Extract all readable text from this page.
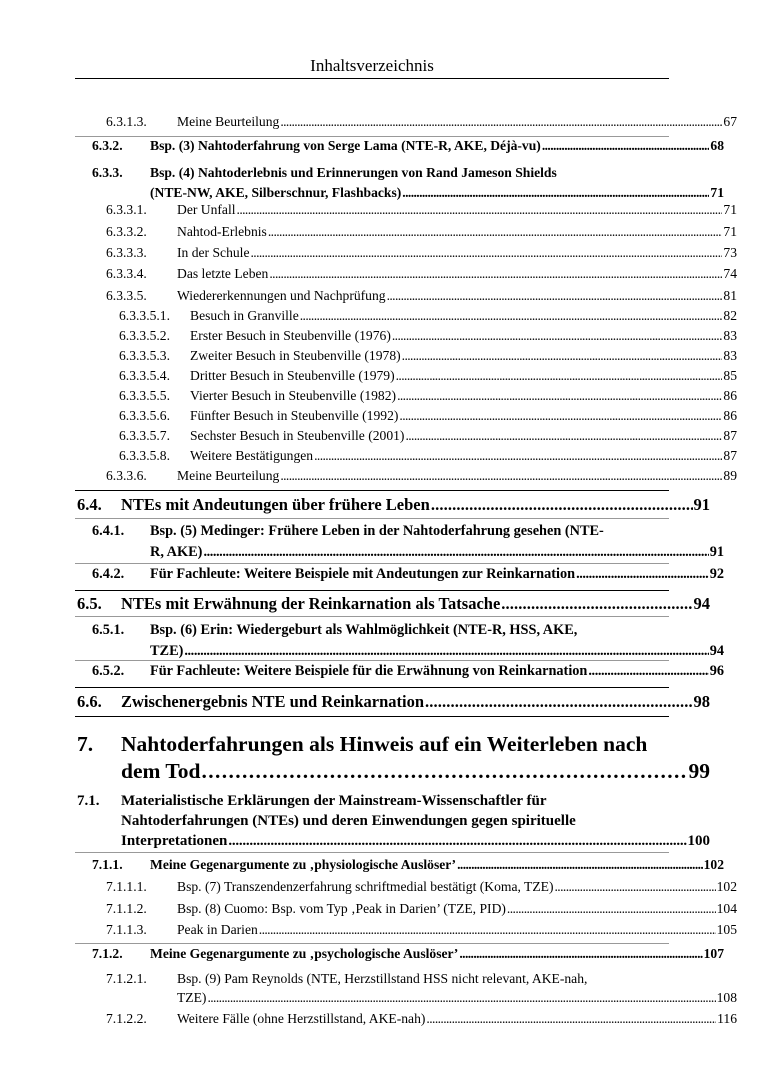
Inhaltsverzeichnis
6.3.1.3. Meine Beurteilung . . .	67
6.3.2. Bsp. (3) Nahtoderfahrung von Serge Lama (NTE-R, AKE, Déjà-vu) . . .	68
6.3.3. Bsp. (4) Nahtoderlebnis und Erinnerungen von Rand Jameson Shields
(NTE-NW, AKE, Silberschnur, Flashbacks) . . .	71
6.3.3.1. Der Unfall . . .	71
6.3.3.2. Nahtod-Erlebnis . . .	71
6.3.3.3. In der Schule . . .	73
6.3.3.4. Das letzte Leben . . .	74
6.3.3.5. Wiedererkennungen und Nachprüfung . . .	81
6.3.3.5.1. Besuch in Granville . . .	82
6.3.3.5.2. Erster Besuch in Steubenville (1976) . . .	83
6.3.3.5.3. Zweiter Besuch in Steubenville (1978) . . .	83
6.3.3.5.4. Dritter Besuch in Steubenville (1979) . . .	85
6.3.3.5.5. Vierter Besuch in Steubenville (1982) . . .	86
6.3.3.5.6. Fünfter Besuch in Steubenville (1992) . . .	86
6.3.3.5.7. Sechster Besuch in Steubenville (2001) . . .	87
6.3.3.5.8. Weitere Bestätigungen . . .	87
6.3.3.6. Meine Beurteilung . . .	89
6.4. NTEs mit Andeutungen über frühere Leben . . .	91
6.4.1. Bsp. (5) Medinger: Frühere Leben in der Nahtoderfahrung gesehen (NTE-
R, AKE) . . .	91
6.4.2. Für Fachleute: Weitere Beispiele mit Andeutungen zur Reinkarnation . . .	92
6.5. NTEs mit Erwähnung der Reinkarnation als Tatsache . . .	94
6.5.1. Bsp. (6) Erin: Wiedergeburt als Wahlmöglichkeit (NTE-R, HSS, AKE,
TZE) . . .	94
6.5.2. Für Fachleute: Weitere Beispiele für die Erwähnung von Reinkarnation . . .	96
6.6. Zwischenergebnis NTE und Reinkarnation . . .	98
7. Nahtoderfahrungen als Hinweis auf ein Weiterleben nach
dem Tod . . .	99
7.1. Materialistische Erklärungen der Mainstream-Wissenschaftler für
Nahtoderfahrungen (NTEs) und deren Einwendungen gegen spirituelle
Interpretationen . . .	100
7.1.1. Meine Gegenargumente zu ‚physiologische Auslöser’ . . .	102
7.1.1.1. Bsp. (7) Transzendenzerfahrung schriftmedial bestätigt (Koma, TZE) . . .	102
7.1.1.2. Bsp. (8) Cuomo: Bsp. vom Typ ‚Peak in Darien’ (TZE, PID) . . .	104
7.1.1.3. Peak in Darien . . .	105
7.1.2. Meine Gegenargumente zu ‚psychologische Auslöser’ . . .	107
7.1.2.1. Bsp. (9) Pam Reynolds (NTE, Herzstillstand HSS nicht relevant, AKE-nah,
TZE) . . .	108
7.1.2.2. Weitere Fälle (ohne Herzstillstand, AKE-nah) . . .	116
